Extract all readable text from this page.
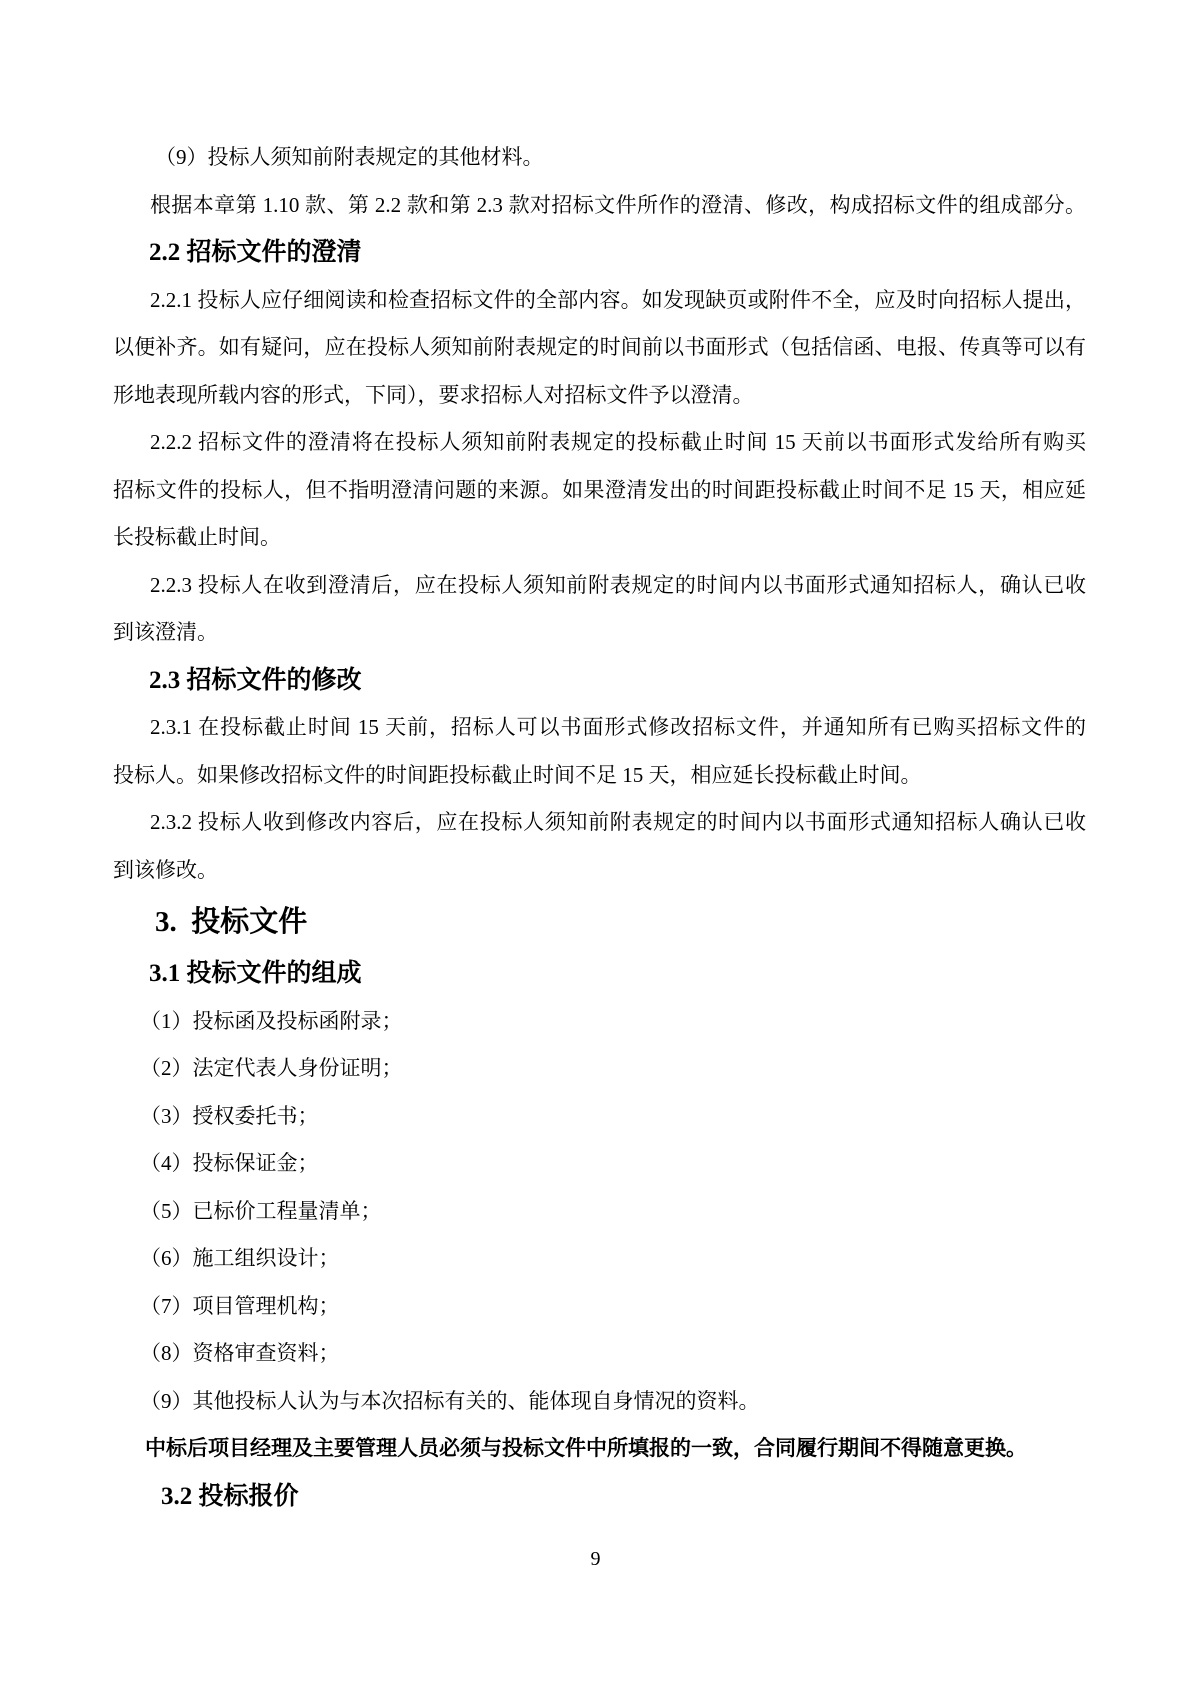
（9）投标人须知前附表规定的其他材料。
根据本章第 1.10 款、第 2.2 款和第 2.3 款对招标文件所作的澄清、修改，构成招标文件的组成部分。
2.2 招标文件的澄清
2.2.1 投标人应仔细阅读和检查招标文件的全部内容。如发现缺页或附件不全，应及时向招标人提出，
以便补齐。如有疑问，应在投标人须知前附表规定的时间前以书面形式（包括信函、电报、传真等可以有
形地表现所载内容的形式，下同），要求招标人对招标文件予以澄清。
2.2.2 招标文件的澄清将在投标人须知前附表规定的投标截止时间 15 天前以书面形式发给所有购买
招标文件的投标人，但不指明澄清问题的来源。如果澄清发出的时间距投标截止时间不足 15 天，相应延
长投标截止时间。
2.2.3 投标人在收到澄清后，应在投标人须知前附表规定的时间内以书面形式通知招标人，确认已收
到该澄清。
2.3 招标文件的修改
2.3.1 在投标截止时间 15 天前，招标人可以书面形式修改招标文件，并通知所有已购买招标文件的
投标人。如果修改招标文件的时间距投标截止时间不足 15 天，相应延长投标截止时间。
2.3.2 投标人收到修改内容后，应在投标人须知前附表规定的时间内以书面形式通知招标人确认已收
到该修改。
3.  投标文件
3.1 投标文件的组成
（1）投标函及投标函附录；
（2）法定代表人身份证明；
（3）授权委托书；
（4）投标保证金；
（5）已标价工程量清单；
（6）施工组织设计；
（7）项目管理机构；
（8）资格审查资料；
（9）其他投标人认为与本次招标有关的、能体现自身情况的资料。
中标后项目经理及主要管理人员必须与投标文件中所填报的一致，合同履行期间不得随意更换。
3.2 投标报价
9
